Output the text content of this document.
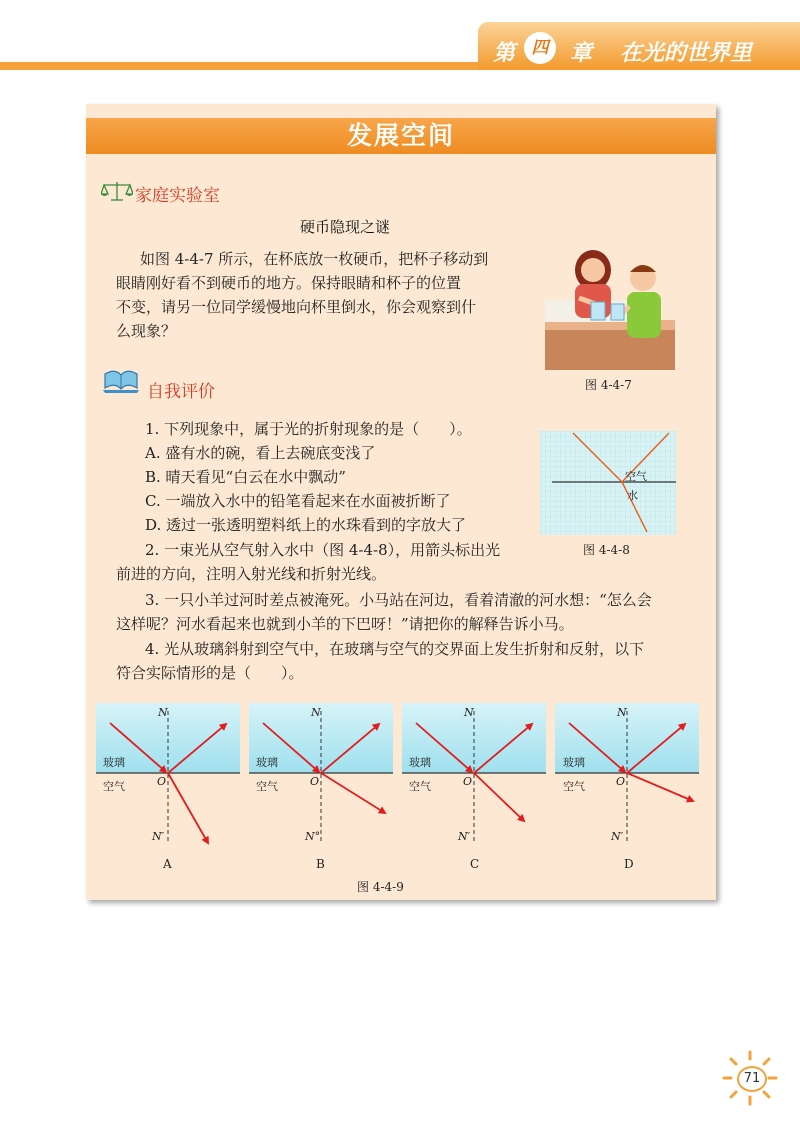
第 四 章 在光的世界里
发展空间
家庭实验室
硬币隐现之谜
如图 4-4-7 所示，在杯底放一枚硬币，把杯子移动到
眼睛刚好看不到硬币的地方。保持眼睛和杯子的位置
不变，请另一位同学缓慢地向杯里倒水，你会观察到什
么现象？
图 4-4-7
自我评价
1. 下列现象中，属于光的折射现象的是（　　）。
A. 盛有水的碗，看上去碗底变浅了
B. 晴天看见“白云在水中飘动”
C. 一端放入水中的铅笔看起来在水面被折断了
D. 透过一张透明塑料纸上的水珠看到的字放大了
空气
水
图 4-4-8
2. 一束光从空气射入水中（图 4-4-8），用箭头标出光
前进的方向，注明入射光线和折射光线。
3. 一只小羊过河时差点被淹死。小马站在河边，看着清澈的河水想：“怎么会
这样呢？河水看起来也就到小羊的下巴呀！”请把你的解释告诉小马。
4. 光从玻璃斜射到空气中，在玻璃与空气的交界面上发生折射和反射，以下
符合实际情形的是（　　）。
N
玻璃
空气	O
N′
A
N
玻璃
空气	O
N°
B
N
玻璃
空气	O
N′
C
N
玻璃
空气	O
N′
D
图 4-4-9
71
